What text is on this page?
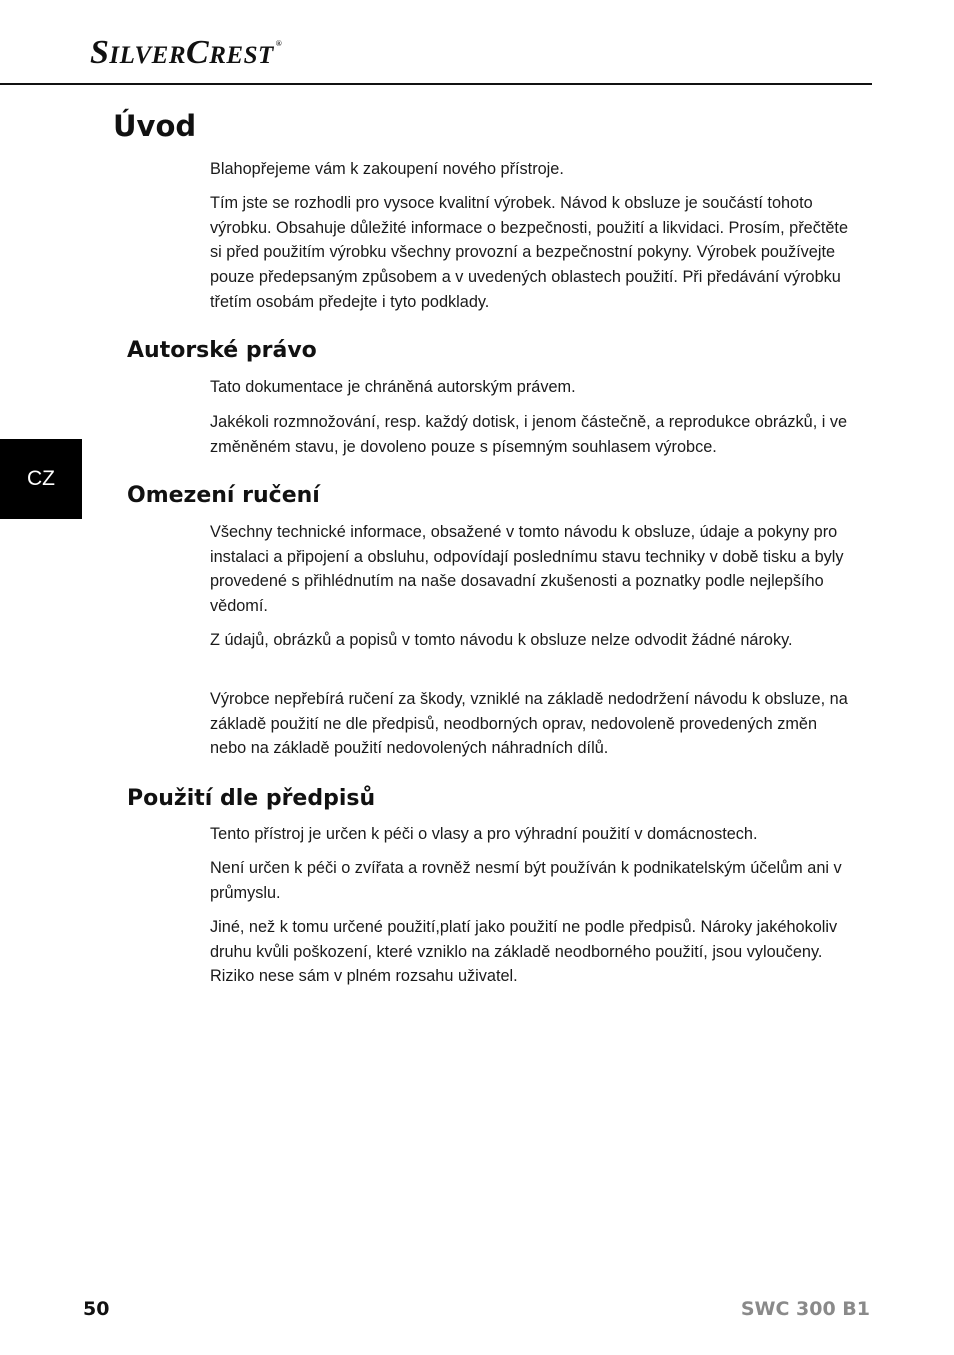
SILVERCREST ®
Úvod

Blahopřejeme vám k zakoupení nového přístroje.

Tím jste se rozhodli pro vysoce kvalitní výrobek. Návod k obsluze je součástí tohoto výrobku. Obsahuje důležité informace o bezpečnosti, použití a likvidaci. Prosím, přečtěte si před použitím výrobku všechny provozní a bezpečnostní pokyny. Výrobek používejte pouze předepsaným způsobem a v uvedených oblastech použití. Při předávání výrobku třetím osobám předejte i tyto podklady.

Autorské právo

Tato dokumentace je chráněná autorským právem.

Jakékoli rozmnožování, resp. každý dotisk, i jenom částečně, a reprodukce obrázků, i ve změněném stavu, je dovoleno pouze s písemným souhlasem výrobce.

Omezení ručení

Všechny technické informace, obsažené v tomto návodu k obsluze, údaje a pokyny pro instalaci a připojení a obsluhu, odpovídají poslednímu stavu techniky v době tisku a byly provedené s přihlédnutím na naše dosavadní zkušenosti a poznatky podle nejlepšího vědomí.

Z údajů, obrázků a popisů v tomto návodu k obsluze nelze odvodit žádné nároky.

Výrobce nepřebírá ručení za škody, vzniklé na základě nedodržení návodu k obsluze, na základě použití ne dle předpisů, neodborných oprav, nedovoleně provedených změn nebo na základě použití nedovolených náhradních dílů.

Použití dle předpisů

Tento přístroj je určen k péči o vlasy a pro výhradní použití v domácnostech.

Není určen k péči o zvířata a rovněž nesmí být používán k podnikatelským účelům ani v průmyslu.

Jiné, než k tomu určené použití,platí jako použití ne podle předpisů. Nároky jakéhokoliv druhu kvůli poškození, které vzniklo na základě neodborného použití, jsou vyloučeny. Riziko nese sám v plném rozsahu uživatel.

CZ
50	SWC 300 B1
